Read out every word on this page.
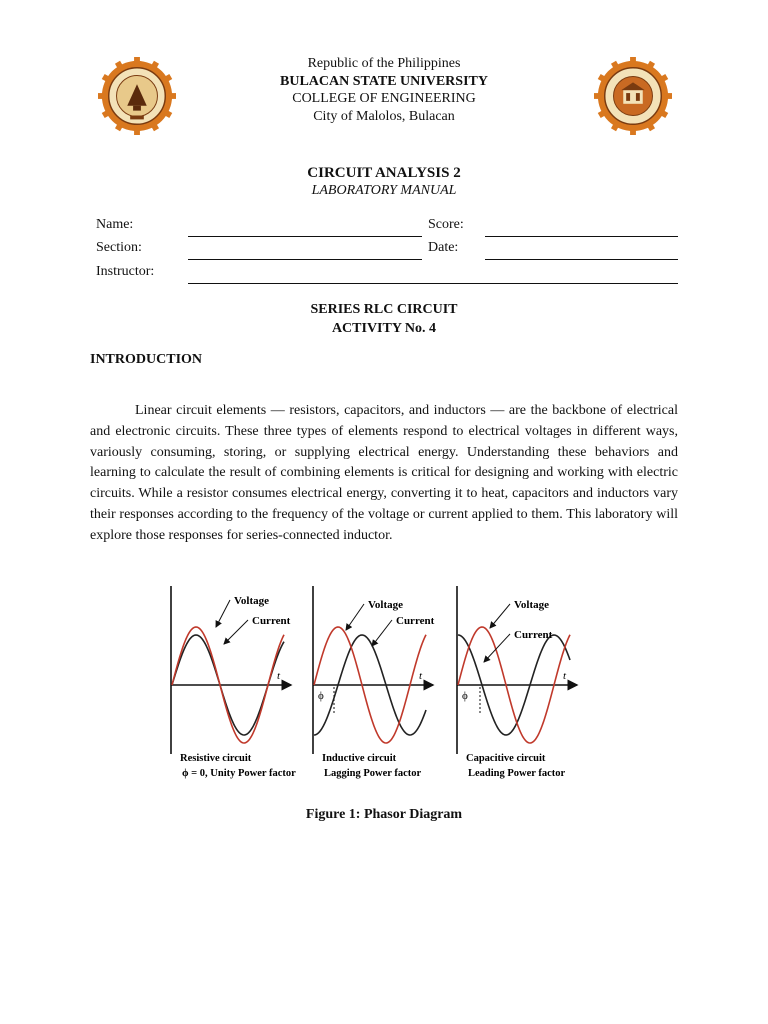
Republic of the Philippines
BULACAN STATE UNIVERSITY
COLLEGE OF ENGINEERING
City of Malolos, Bulacan
CIRCUIT ANALYSIS 2
LABORATORY MANUAL
Name:	Score:
Section:	Date:
Instructor:
SERIES RLC CIRCUIT
ACTIVITY No. 4
INTRODUCTION

Linear circuit elements — resistors, capacitors, and inductors — are the backbone of electrical and electronic circuits. These three types of elements respond to electrical voltages in different ways, variously consuming, storing, or supplying electrical energy. Understanding these behaviors and learning to calculate the result of combining elements is critical for designing and working with electric circuits. While a resistor consumes electrical energy, converting it to heat, capacitors and inductors vary their responses according to the frequency of the voltage or current applied to them. This laboratory will explore those responses for series-connected inductor.

t
Voltage
Current
Resistive circuit
ϕ = 0, Unity Power factor
t
ϕ
Voltage
Current
Inductive circuit
Lagging Power factor
t
ϕ
Voltage
Current
Capacitive circuit
Leading Power factor
Figure 1: Phasor Diagram
